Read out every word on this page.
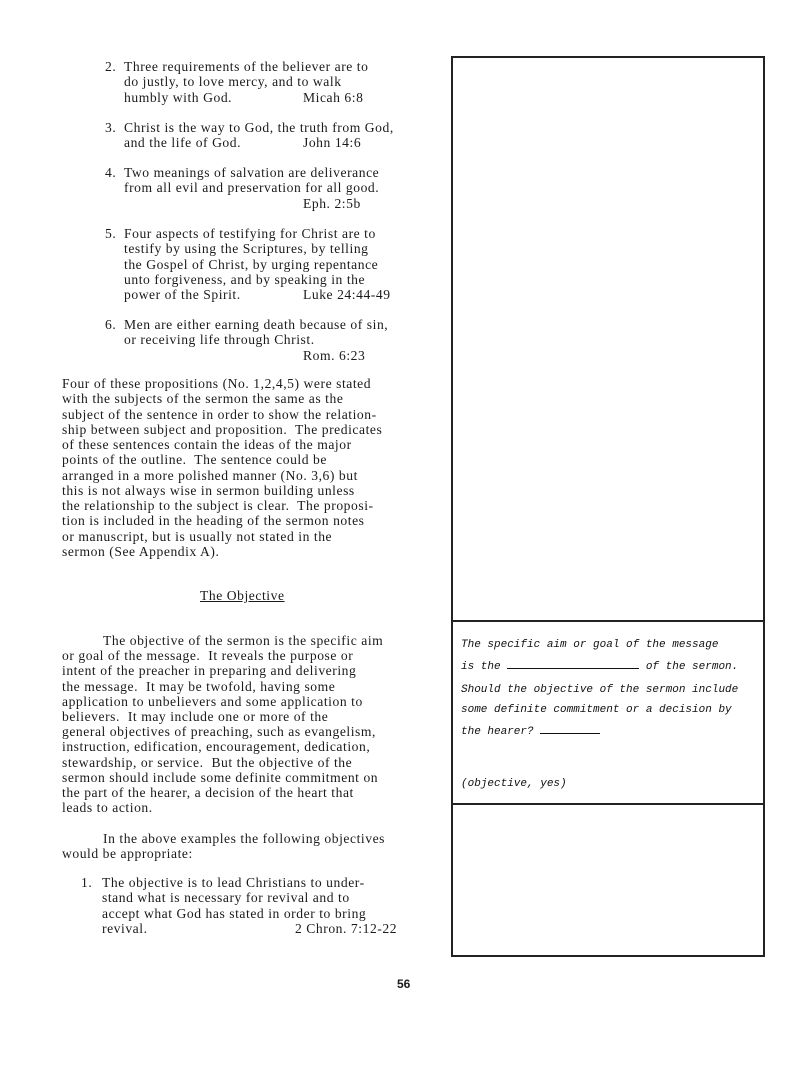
2. Three requirements of the believer are to
do justly, to love mercy, and to walk
humbly with God.	Micah 6:8
3. Christ is the way to God, the truth from God,
and the life of God.	John 14:6
4. Two meanings of salvation are deliverance
from all evil and preservation for all good.
Eph. 2:5b
5. Four aspects of testifying for Christ are to
testify by using the Scriptures, by telling
the Gospel of Christ, by urging repentance
unto forgiveness, and by speaking in the
power of the Spirit.	Luke 24:44-49
6. Men are either earning death because of sin,
or receiving life through Christ.
Rom. 6:23
Four of these propositions (No. 1,2,4,5) were stated
with the subjects of the sermon the same as the
subject of the sentence in order to show the relation-
ship between subject and proposition.  The predicates
of these sentences contain the ideas of the major
points of the outline.  The sentence could be
arranged in a more polished manner (No. 3,6) but
this is not always wise in sermon building unless
the relationship to the subject is clear.  The proposi-
tion is included in the heading of the sermon notes
or manuscript, but is usually not stated in the
sermon (See Appendix A).
The objective of the sermon is the specific aim
or goal of the message.  It reveals the purpose or
intent of the preacher in preparing and delivering
the message.  It may be twofold, having some
application to unbelievers and some application to
believers.  It may include one or more of the
general objectives of preaching, such as evangelism,
instruction, edification, encouragement, dedication,
stewardship, or service.  But the objective of the
sermon should include some definite commitment on
the part of the hearer, a decision of the heart that
leads to action.
In the above examples the following objectives
would be appropriate:
1. The objective is to lead Christians to under-
stand what is necessary for revival and to
accept what God has stated in order to bring
revival.	2 Chron. 7:12-22
The Objective
The specific aim or goal of the message
is the	of the sermon.
Should the objective of the sermon include
some definite commitment or a decision by
the hearer?
(objective, yes)
56
